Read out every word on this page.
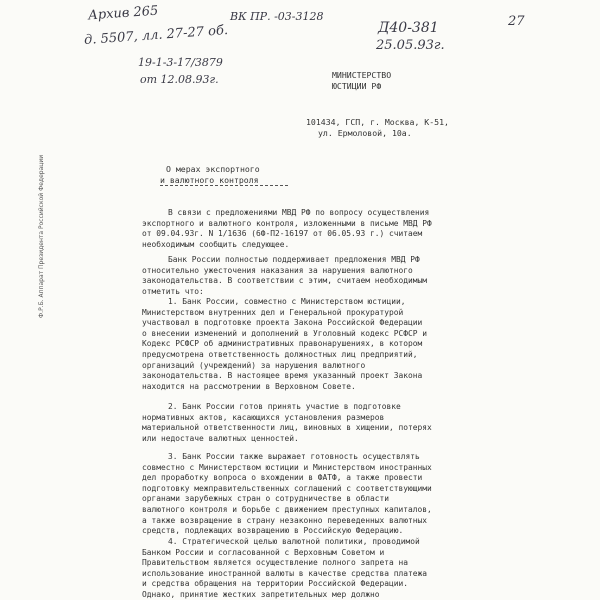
Архив 265
д. 5507, лл. 27-27 об.
ВК ПР. -03-3128
19-1-3-17/3879
от 12.08.93г.
Д40-381
25.05.93г.
27
Ф.Р.Б. Аппарат Президента Российской Федерации
МИНИСТЕРСТВО
ЮСТИЦИИ РФ
101434, ГСП, г. Москва, К-51,
ул. Ермоловой, 10а.
О мерах экспортного
и валютного контроля
В связи с предложениями МВД РФ по вопросу осуществления
экспортного и валютного контроля, изложенными в письме МВД РФ
от 09.04.93г. N 1/1636 (6Ф-П2-16197 от 06.05.93 г.) считаем
необходимым сообщить следующее.
Банк России полностью поддерживает предложения МВД РФ
относительно ужесточения наказания за нарушения валютного
законодательства. В соответствии с этим, считаем необходимым
отметить что:
1. Банк России, совместно с Министерством юстиции,
Министерством внутренних дел и Генеральной прокуратурой
участвовал в подготовке проекта Закона Российской Федерации
о внесении изменений и дополнений в Уголовный кодекс РСФСР и
Кодекс РСФСР об административных правонарушениях, в котором
предусмотрена ответственность должностных лиц предприятий,
организаций (учреждений) за нарушения валютного
законодательства. В настоящее время указанный проект Закона
находится на рассмотрении в Верховном Совете.
2. Банк России готов принять участие в подготовке
нормативных актов, касающихся установления размеров
материальной ответственности лиц, виновных в хищении, потерях
или недостаче валютных ценностей.
3. Банк России также выражает готовность осуществлять
совместно с Министерством юстиции и Министерством иностранных
дел проработку вопроса о вхождении в ФАТФ, а также провести
подготовку межправительственных соглашений с соответствующими
органами зарубежных стран о сотрудничестве в области
валютного контроля и борьбе с движением преступных капиталов,
а также возвращение в страну незаконно переведенных валютных
средств, подлежащих возвращению в Российскую Федерацию.
4. Стратегической целью валютной политики, проводимой
Банком России и согласованной с Верховным Советом и
Правительством является осуществление полного запрета на
использование иностранной валюты в качестве средства платежа
и средства обращения на территории Российской Федерации.
Однако, принятие жестких запретительных мер должно
